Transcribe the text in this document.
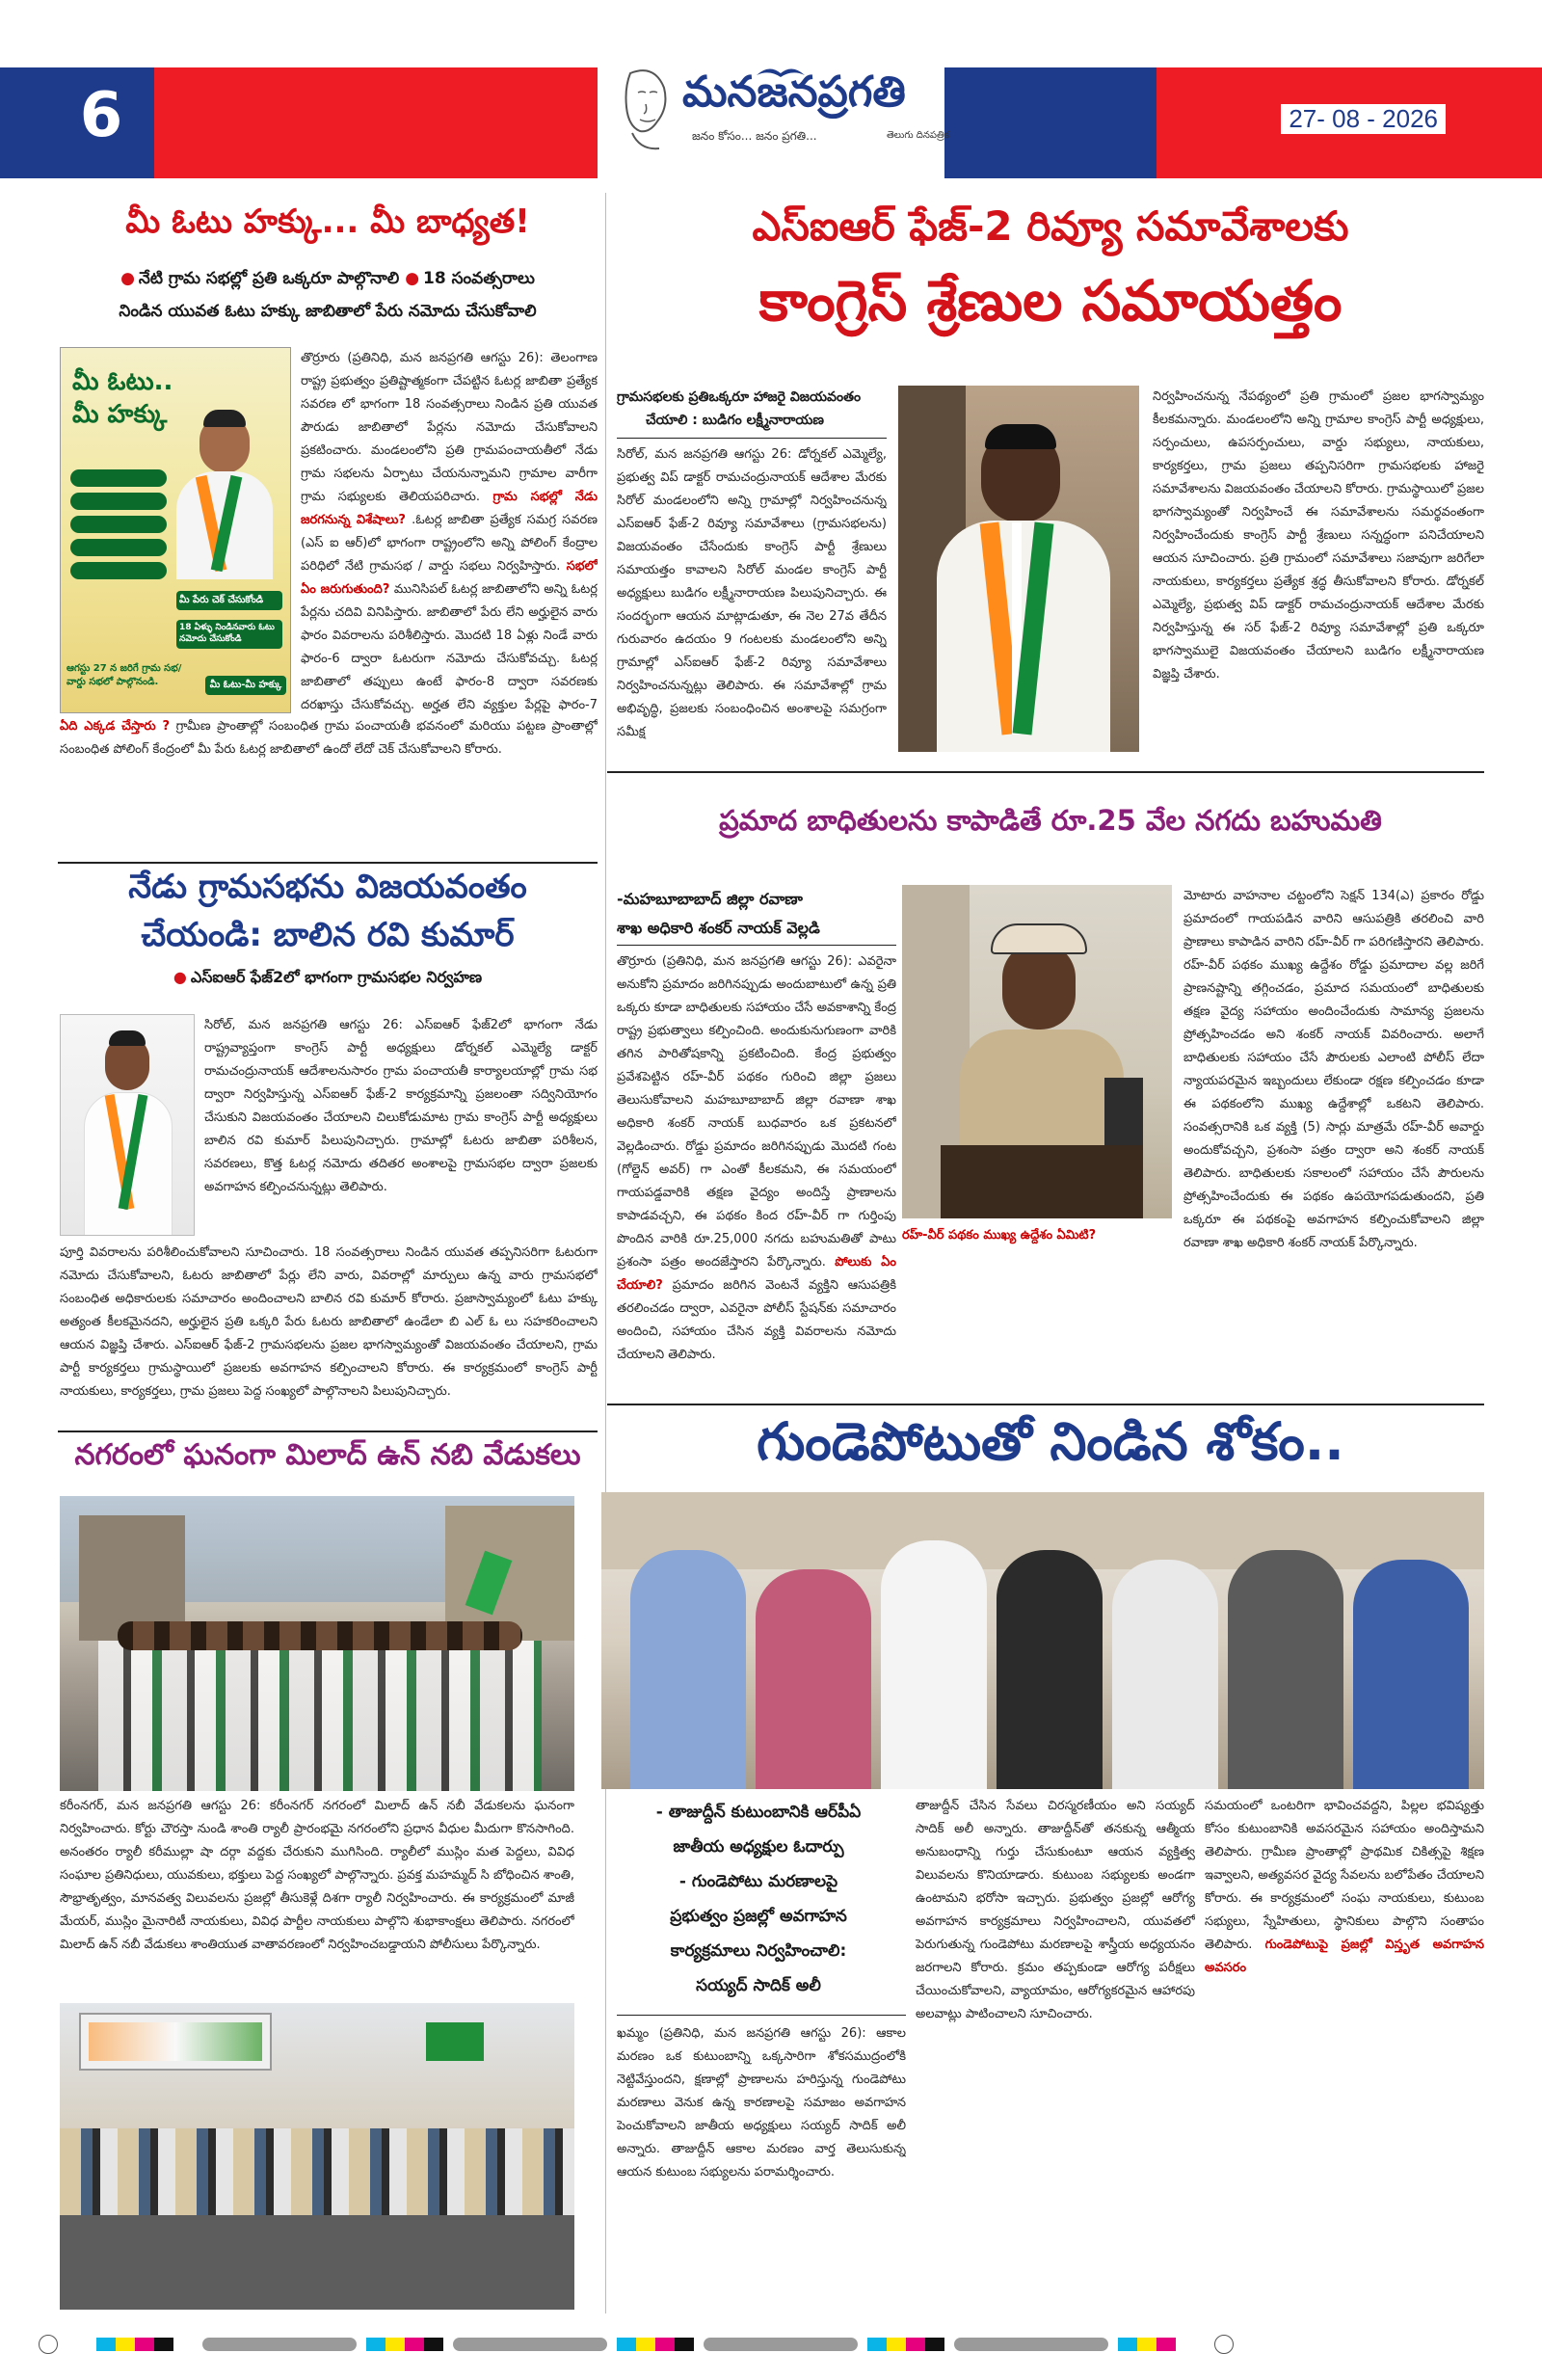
6	మనజనప్రగతి
జనం కోసం... జనం ప్రగతి...	తెలుగు దినపత్రిక
27- 08 - 2026
మీ ఓటు హక్కు... మీ బాధ్యత!
● నేటి గ్రామ సభల్లో ప్రతి ఒక్కరూ పాల్గొనాలి ● 18 సంవత్సరాలు
నిండిన యువత ఓటు హక్కు జాబితాలో పేరు నమోదు చేసుకోవాలి
మీ ఓటు..
మీ హక్కు
మీ పేరు చెక్ చేసుకోండి
18 ఏళ్ళు నిండినవారు ఓటు నమోదు చేసుకోండి
ఆగస్టు 27 న జరిగే గ్రామ సభ/ వార్డు సభలో పాల్గొనండి.	మీ ఓటు-మీ హక్కు
తొర్రూరు (ప్రతినిధి, మన జనప్రగతి ఆగస్టు 26): తెలంగాణ రాష్ట్ర ప్రభుత్వం ప్రతిష్టాత్మకంగా చేపట్టిన ఓటర్ల జాబితా ప్రత్యేక సవరణ లో భాగంగా 18 సంవత్సరాలు నిండిన ప్రతి యువత పౌరుడు జాబితాలో పేర్లను నమోదు చేసుకోవాలని ప్రకటించారు. మండలంలోని ప్రతి గ్రామపంచాయతీలో నేడు గ్రామ సభలను ఏర్పాటు చేయనున్నామని గ్రామాల వారీగా గ్రామ సభ్యులకు తెలియపరిచారు. గ్రామ సభల్లో నేడు జరగనున్న విశేషాలు? .ఓటర్ల జాబితా ప్రత్యేక సమగ్ర సవరణ (ఎస్ ఐ ఆర్)లో భాగంగా రాష్ట్రంలోని అన్ని పోలింగ్ కేంద్రాల పరిధిలో నేటి గ్రామసభ / వార్డు సభలు నిర్వహిస్తారు. సభలో ఏం జరుగుతుంది? మునిసిపల్ ఓటర్ల జాబితాలోని అన్ని ఓటర్ల పేర్లను చదివి వినిపిస్తారు. జాబితాలో పేరు లేని అర్హులైన వారు ఫారం వివరాలను పరిశీలిస్తారు. మొదటి 18 ఏళ్లు నిండే వారు ఫారం-6 ద్వారా ఓటరుగా నమోదు చేసుకోవచ్చు. ఓటర్ల జాబితాలో తప్పులు ఉంటే ఫారం-8 ద్వారా సవరణకు దరఖాస్తు చేసుకోవచ్చు. అర్హత లేని వ్యక్తుల పేర్లపై ఫారం-7
ఏది ఎక్కడ చేస్తారు ? గ్రామీణ ప్రాంతాల్లో సంబంధిత గ్రామ పంచాయతీ భవనంలో మరియు పట్టణ ప్రాంతాల్లో సంబంధిత పోలింగ్ కేంద్రంలో మీ పేరు ఓటర్ల జాబితాలో ఉందో లేదో చెక్ చేసుకోవాలని కోరారు.
నేడు గ్రామసభను విజయవంతం
చేయండి: బాలిన రవి కుమార్
● ఎస్ఐఆర్ ఫేజ్2లో భాగంగా గ్రామసభల నిర్వహణ
సిరోల్, మన జనప్రగతి ఆగస్టు 26: ఎస్ఐఆర్ ఫేజ్2లో భాగంగా నేడు రాష్ట్రవ్యాప్తంగా కాంగ్రెస్ పార్టీ అధ్యక్షులు డోర్నకల్ ఎమ్మెల్యే డాక్టర్ రామచంద్రునాయక్ ఆదేశాలనుసారం గ్రామ పంచాయతీ కార్యాలయాల్లో గ్రామ సభ ద్వారా నిర్వహిస్తున్న ఎస్ఐఆర్ ఫేజ్-2 కార్యక్రమాన్ని ప్రజలంతా సద్వినియోగం చేసుకుని విజయవంతం చేయాలని చిలుకోడుమాట గ్రామ కాంగ్రెస్ పార్టీ అధ్యక్షులు బాలిన రవి కుమార్ పిలుపునిచ్చారు. గ్రామాల్లో ఓటరు జాబితా పరిశీలన, సవరణలు, కొత్త ఓటర్ల నమోదు తదితర అంశాలపై గ్రామసభల ద్వారా ప్రజలకు అవగాహన కల్పించనున్నట్లు తెలిపారు.
పూర్తి వివరాలను పరిశీలించుకోవాలని సూచించారు. 18 సంవత్సరాలు నిండిన యువత తప్పనిసరిగా ఓటరుగా నమోదు చేసుకోవాలని, ఓటరు జాబితాలో పేర్లు లేని వారు, వివరాల్లో మార్పులు ఉన్న వారు గ్రామసభలో సంబంధిత అధికారులకు సమాచారం అందించాలని బాలిన రవి కుమార్ కోరారు. ప్రజాస్వామ్యంలో ఓటు హక్కు అత్యంత కీలకమైనదని, అర్హులైన ప్రతి ఒక్కరి పేరు ఓటరు జాబితాలో ఉండేలా బి ఎల్ ఓ లు సహకరించాలని ఆయన విజ్ఞప్తి చేశారు. ఎస్ఐఆర్ ఫేజ్-2 గ్రామసభలను ప్రజల భాగస్వామ్యంతో విజయవంతం చేయాలని, గ్రామ పార్టీ కార్యకర్తలు గ్రామస్థాయిలో ప్రజలకు అవగాహన కల్పించాలని కోరారు. ఈ కార్యక్రమంలో కాంగ్రెస్ పార్టీ నాయకులు, కార్యకర్తలు, గ్రామ ప్రజలు పెద్ద సంఖ్యలో పాల్గొనాలని పిలుపునిచ్చారు.
నగరంలో ఘనంగా మిలాద్ ఉన్ నబి వేడుకలు
కరీంనగర్, మన జనప్రగతి ఆగస్టు 26: కరీంనగర్ నగరంలో మిలాద్ ఉన్ నబీ వేడుకలను ఘనంగా నిర్వహించారు. కోర్టు చౌరస్తా నుండి శాంతి ర్యాలీ ప్రారంభమై నగరంలోని ప్రధాన వీధుల మీదుగా కొనసాగింది. అనంతరం ర్యాలీ కరీముల్లా షా దర్గా వద్దకు చేరుకుని ముగిసింది. ర్యాలీలో ముస్లిం మత పెద్దలు, వివిధ సంఘాల ప్రతినిధులు, యువకులు, భక్తులు పెద్ద సంఖ్యలో పాల్గొన్నారు. ప్రవక్త మహమ్మద్ సి బోధించిన శాంతి, సౌభ్రాతృత్వం, మానవత్వ విలువలను ప్రజల్లో తీసుకెళ్లే దిశగా ర్యాలీ నిర్వహించారు. ఈ కార్యక్రమంలో మాజీ మేయర్, ముస్లిం మైనారిటీ నాయకులు, వివిధ పార్టీల నాయకులు పాల్గొని శుభాకాంక్షలు తెలిపారు. నగరంలో మిలాద్ ఉన్ నబీ వేడుకలు శాంతియుత వాతావరణంలో నిర్వహించబడ్డాయని పోలీసులు పేర్కొన్నారు.
ఎస్ఐఆర్ ఫేజ్-2 రివ్యూ సమావేశాలకు
కాంగ్రెస్ శ్రేణుల సమాయత్తం
గ్రామసభలకు ప్రతిఒక్కరూ హాజరై విజయవంతం
చేయాలి : బుడిగం లక్ష్మీనారాయణ
సిరోల్, మన జనప్రగతి ఆగస్టు 26: డోర్నకల్ ఎమ్మెల్యే, ప్రభుత్వ విప్ డాక్టర్ రామచంద్రునాయక్ ఆదేశాల మేరకు సిరోల్ మండలంలోని అన్ని గ్రామాల్లో నిర్వహించనున్న ఎస్ఐఆర్ ఫేజ్-2 రివ్యూ సమావేశాలు (గ్రామసభలను) విజయవంతం చేసేందుకు కాంగ్రెస్ పార్టీ శ్రేణులు సమాయత్తం కావాలని సిరోల్ మండల కాంగ్రెస్ పార్టీ అధ్యక్షులు బుడిగం లక్ష్మీనారాయణ పిలుపునిచ్చారు. ఈ సందర్భంగా ఆయన మాట్లాడుతూ, ఈ నెల 27వ తేదీన గురువారం ఉదయం 9 గంటలకు మండలంలోని అన్ని గ్రామాల్లో ఎస్ఐఆర్ ఫేజ్-2 రివ్యూ సమావేశాలు నిర్వహించనున్నట్లు తెలిపారు. ఈ సమావేశాల్లో గ్రామ అభివృద్ధి, ప్రజలకు సంబంధించిన అంశాలపై సమగ్రంగా సమీక్ష
నిర్వహించనున్న నేపథ్యంలో ప్రతి గ్రామంలో ప్రజల భాగస్వామ్యం కీలకమన్నారు. మండలంలోని అన్ని గ్రామాల కాంగ్రెస్ పార్టీ అధ్యక్షులు, సర్పంచులు, ఉపసర్పంచులు, వార్డు సభ్యులు, నాయకులు, కార్యకర్తలు, గ్రామ ప్రజలు తప్పనిసరిగా గ్రామసభలకు హాజరై సమావేశాలను విజయవంతం చేయాలని కోరారు. గ్రామస్థాయిలో ప్రజల భాగస్వామ్యంతో నిర్వహించే ఈ సమావేశాలను సమర్థవంతంగా నిర్వహించేందుకు కాంగ్రెస్ పార్టీ శ్రేణులు సన్నద్ధంగా పనిచేయాలని ఆయన సూచించారు. ప్రతి గ్రామంలో సమావేశాలు సజావుగా జరిగేలా నాయకులు, కార్యకర్తలు ప్రత్యేక శ్రద్ధ తీసుకోవాలని కోరారు. డోర్నకల్ ఎమ్మెల్యే, ప్రభుత్వ విప్ డాక్టర్ రామచంద్రునాయక్ ఆదేశాల మేరకు నిర్వహిస్తున్న ఈ సర్ ఫేజ్-2 రివ్యూ సమావేశాల్లో ప్రతి ఒక్కరూ భాగస్వాములై విజయవంతం చేయాలని బుడిగం లక్ష్మీనారాయణ విజ్ఞప్తి చేశారు.
ప్రమాద బాధితులను కాపాడితే రూ.25 వేల నగదు బహుమతి
-మహబూబాబాద్ జిల్లా రవాణా
శాఖ అధికారి శంకర్ నాయక్ వెల్లడి
తొర్రూరు (ప్రతినిధి, మన జనప్రగతి ఆగస్టు 26): ఎవరైనా అనుకోని ప్రమాదం జరిగినప్పుడు అందుబాటులో ఉన్న ప్రతి ఒక్కరు కూడా బాధితులకు సహాయం చేసే అవకాశాన్ని కేంద్ర రాష్ట్ర ప్రభుత్వాలు కల్పించింది. అందుకునుగుణంగా వారికి తగిన పారితోషకాన్ని ప్రకటించింది. కేంద్ర ప్రభుత్వం ప్రవేశపెట్టిన రహ్-వీర్ పథకం గురించి జిల్లా ప్రజలు తెలుసుకోవాలని మహబూబాబాద్ జిల్లా రవాణా శాఖ అధికారి శంకర్ నాయక్ బుధవారం ఒక ప్రకటనలో వెల్లడించారు. రోడ్డు ప్రమాదం జరిగినప్పుడు మొదటి గంట (గోల్డెన్ అవర్) గా ఎంతో కీలకమని, ఈ సమయంలో గాయపడ్డవారికి తక్షణ వైద్యం అందిస్తే ప్రాణాలను కాపాడవచ్చని, ఈ పథకం కింద రహ్-వీర్ గా గుర్తింపు పొందిన వారికి రూ.25,000 నగదు బహుమతితో పాటు ప్రశంసా పత్రం అందజేస్తారని పేర్కొన్నారు. పోలుకు ఏం చేయాలి? ప్రమాదం జరిగిన వెంటనే వ్యక్తిని ఆసుపత్రికి తరలించడం ద్వారా, ఎవరైనా పోలీస్ స్టేషన్‌కు సమాచారం అందించి, సహాయం చేసిన వ్యక్తి వివరాలను నమోదు చేయాలని తెలిపారు.
మోటారు వాహనాల చట్టంలోని సెక్షన్ 134(ఎ) ప్రకారం రోడ్డు ప్రమాదంలో గాయపడిన వారిని ఆసుపత్రికి తరలించి వారి ప్రాణాలు కాపాడిన వారిని రహ్-వీర్ గా పరిగణిస్తారని తెలిపారు. రహ్-వీర్ పథకం ముఖ్య ఉద్దేశం రోడ్డు ప్రమాదాల వల్ల జరిగే ప్రాణనష్టాన్ని తగ్గించడం, ప్రమాద సమయంలో బాధితులకు తక్షణ వైద్య సహాయం అందించేందుకు సామాన్య ప్రజలను ప్రోత్సహించడం అని శంకర్ నాయక్ వివరించారు. అలాగే బాధితులకు సహాయం చేసే పౌరులకు ఎలాంటి పోలీస్ లేదా న్యాయపరమైన ఇబ్బందులు లేకుండా రక్షణ కల్పించడం కూడా ఈ పథకంలోని ముఖ్య ఉద్దేశాల్లో ఒకటని తెలిపారు. సంవత్సరానికి ఒక వ్యక్తి (5) సార్లు మాత్రమే రహ్-వీర్ అవార్డు అందుకోవచ్చని, ప్రశంసా పత్రం ద్వారా అని శంకర్ నాయక్ తెలిపారు. బాధితులకు సకాలంలో సహాయం చేసే పౌరులను ప్రోత్సహించేందుకు ఈ పథకం ఉపయోగపడుతుందని, ప్రతి ఒక్కరూ ఈ పథకంపై అవగాహన కల్పించుకోవాలని జిల్లా రవాణా శాఖ అధికారి శంకర్ నాయక్ పేర్కొన్నారు.
రహ్-వీర్ పథకం ముఖ్య ఉద్దేశం ఏమిటి?
గుండెపోటుతో నిండిన శోకం..
- తాజుద్దీన్ కుటుంబానికి ఆర్‌పీఏ
జాతీయ అధ్యక్షుల ఓదార్పు
- గుండెపోటు మరణాలపై
ప్రభుత్వం ప్రజల్లో అవగాహన
కార్యక్రమాలు నిర్వహించాలి:
సయ్యద్ సాదిక్ అలీ
ఖమ్మం (ప్రతినిధి, మన జనప్రగతి ఆగస్టు 26): ఆకాల మరణం ఒక కుటుంబాన్ని ఒక్కసారిగా శోకసముద్రంలోకి నెట్టివేస్తుందని, క్షణాల్లో ప్రాణాలను హరిస్తున్న గుండెపోటు మరణాలు వెనుక ఉన్న కారణాలపై సమాజం అవగాహన పెంచుకోవాలని జాతీయ అధ్యక్షులు సయ్యద్ సాదిక్ అలీ అన్నారు. తాజుద్దీన్ ఆకాల మరణం వార్త తెలుసుకున్న ఆయన కుటుంబ సభ్యులను పరామర్శించారు.
తాజుద్దీన్ చేసిన సేవలు చిరస్మరణీయం అని సయ్యద్ సాదిక్ అలీ అన్నారు. తాజుద్దీన్‌తో తనకున్న ఆత్మీయ అనుబంధాన్ని గుర్తు చేసుకుంటూ ఆయన వ్యక్తిత్వ విలువలను కొనియాడారు. కుటుంబ సభ్యులకు అండగా ఉంటామని భరోసా ఇచ్చారు. ప్రభుత్వం ప్రజల్లో ఆరోగ్య అవగాహన కార్యక్రమాలు నిర్వహించాలని, యువతలో పెరుగుతున్న గుండెపోటు మరణాలపై శాస్త్రీయ అధ్యయనం జరగాలని కోరారు. క్రమం తప్పకుండా ఆరోగ్య పరీక్షలు చేయించుకోవాలని, వ్యాయామం, ఆరోగ్యకరమైన ఆహారపు అలవాట్లు పాటించాలని సూచించారు.
సమయంలో ఒంటరిగా భావించవద్దని, పిల్లల భవిష్యత్తు కోసం కుటుంబానికి అవసరమైన సహాయం అందిస్తామని తెలిపారు. గ్రామీణ ప్రాంతాల్లో ప్రాథమిక చికిత్సపై శిక్షణ ఇవ్వాలని, అత్యవసర వైద్య సేవలను బలోపేతం చేయాలని కోరారు. ఈ కార్యక్రమంలో సంఘ నాయకులు, కుటుంబ సభ్యులు, స్నేహితులు, స్థానికులు పాల్గొని సంతాపం తెలిపారు. గుండెపోటుపై ప్రజల్లో విస్తృత అవగాహన అవసరం
